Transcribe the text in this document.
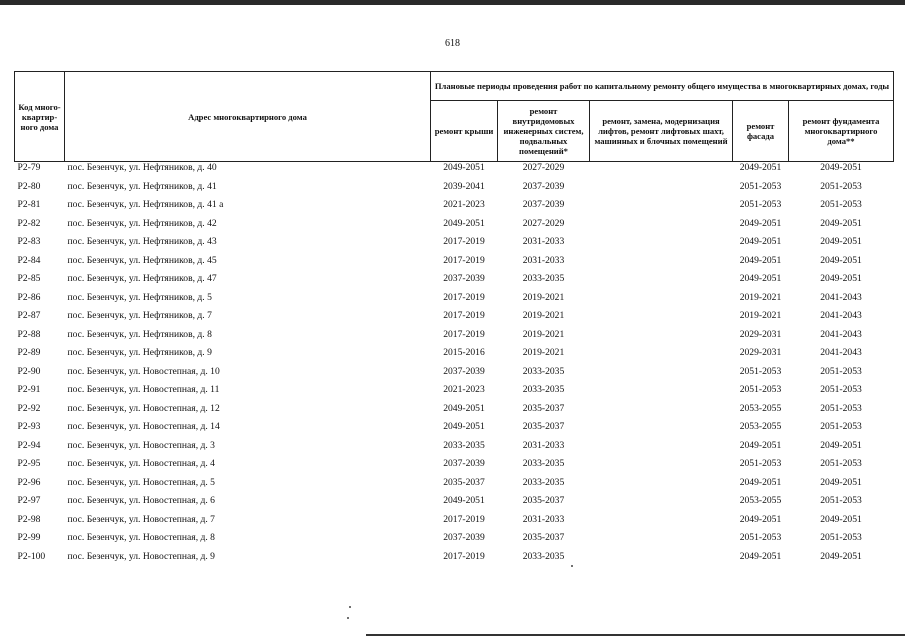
618
Код много-квартир-ного дома	Адрес многоквартирного дома	Плановые периоды проведения работ по капитальному ремонту общего имущества в многоквартирных домах, годы				
		ремонт крыши	ремонт внутридомовых инженерных систем, подвальных помещений*	ремонт, замена, модернизация лифтов, ремонт лифтовых шахт, машинных и блочных помещений	ремонт фасада	ремонт фундамента многоквартирного дома**
Р2-79	пос. Безенчук, ул. Нефтяников, д. 40	2049-2051	2027-2029		2049-2051	2049-2051
Р2-80	пос. Безенчук, ул. Нефтяников, д. 41	2039-2041	2037-2039		2051-2053	2051-2053
Р2-81	пос. Безенчук, ул. Нефтяников, д. 41 а	2021-2023	2037-2039		2051-2053	2051-2053
Р2-82	пос. Безенчук, ул. Нефтяников, д. 42	2049-2051	2027-2029		2049-2051	2049-2051
Р2-83	пос. Безенчук, ул. Нефтяников, д. 43	2017-2019	2031-2033		2049-2051	2049-2051
Р2-84	пос. Безенчук, ул. Нефтяников, д. 45	2017-2019	2031-2033		2049-2051	2049-2051
Р2-85	пос. Безенчук, ул. Нефтяников, д. 47	2037-2039	2033-2035		2049-2051	2049-2051
Р2-86	пос. Безенчук, ул. Нефтяников, д. 5	2017-2019	2019-2021		2019-2021	2041-2043
Р2-87	пос. Безенчук, ул. Нефтяников, д. 7	2017-2019	2019-2021		2019-2021	2041-2043
Р2-88	пос. Безенчук, ул. Нефтяников, д. 8	2017-2019	2019-2021		2029-2031	2041-2043
Р2-89	пос. Безенчук, ул. Нефтяников, д. 9	2015-2016	2019-2021		2029-2031	2041-2043
Р2-90	пос. Безенчук, ул. Новостепная, д. 10	2037-2039	2033-2035		2051-2053	2051-2053
Р2-91	пос. Безенчук, ул. Новостепная, д. 11	2021-2023	2033-2035		2051-2053	2051-2053
Р2-92	пос. Безенчук, ул. Новостепная, д. 12	2049-2051	2035-2037		2053-2055	2051-2053
Р2-93	пос. Безенчук, ул. Новостепная, д. 14	2049-2051	2035-2037		2053-2055	2051-2053
Р2-94	пос. Безенчук, ул. Новостепная, д. 3	2033-2035	2031-2033		2049-2051	2049-2051
Р2-95	пос. Безенчук, ул. Новостепная, д. 4	2037-2039	2033-2035		2051-2053	2051-2053
Р2-96	пос. Безенчук, ул. Новостепная, д. 5	2035-2037	2033-2035		2049-2051	2049-2051
Р2-97	пос. Безенчук, ул. Новостепная, д. 6	2049-2051	2035-2037		2053-2055	2051-2053
Р2-98	пос. Безенчук, ул. Новостепная, д. 7	2017-2019	2031-2033		2049-2051	2049-2051
Р2-99	пос. Безенчук, ул. Новостепная, д. 8	2037-2039	2035-2037		2051-2053	2051-2053
Р2-100	пос. Безенчук, ул. Новостепная, д. 9	2017-2019	2033-2035		2049-2051	2049-2051
